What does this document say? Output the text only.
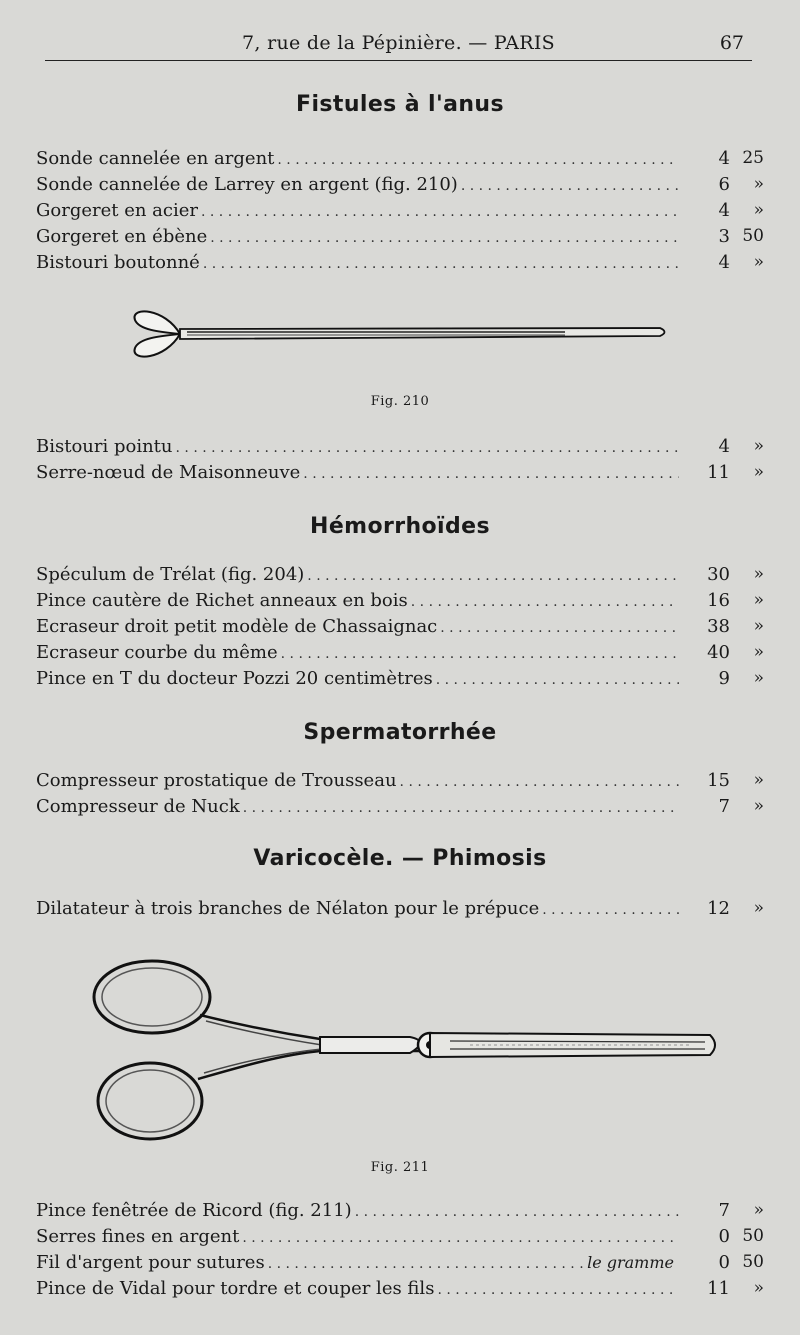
7, rue de la Pépinière. — PARIS	67
Fistules à l'anus
Sonde cannelée en argent . . .	4 25
Sonde cannelée de Larrey en argent (fig. 210) . . .	6	»
Gorgeret en acier . . .	4	»
Gorgeret en ébène . . .	3 50
Bistouri boutonné . . .	4	»
Fig. 210
Bistouri pointu . . .	4	»
Serre-nœud de Maisonneuve . . .	11	»
Hémorrhoïdes
Spéculum de Trélat (fig. 204) . . .	30	»
Pince cautère de Richet anneaux en bois . . .	16	»
Ecraseur droit petit modèle de Chassaignac . . .	38	»
Ecraseur courbe du même . . .	40	»
Pince en T du docteur Pozzi 20 centimètres . . .	9	»
Spermatorrhée
Compresseur prostatique de Trousseau . . .	15	»
Compresseur de Nuck . . .	7	»
Varicocèle. — Phimosis
Dilatateur à trois branches de Nélaton pour le prépuce . . .	12	»
Fig. 211
Pince fenêtrée de Ricord (fig. 211) . . .	7	»
Serres fines en argent . . .	0 50
Fil d'argent pour sutures . . .	le gramme	0 50
Pince de Vidal pour tordre et couper les fils . . .	11	»
